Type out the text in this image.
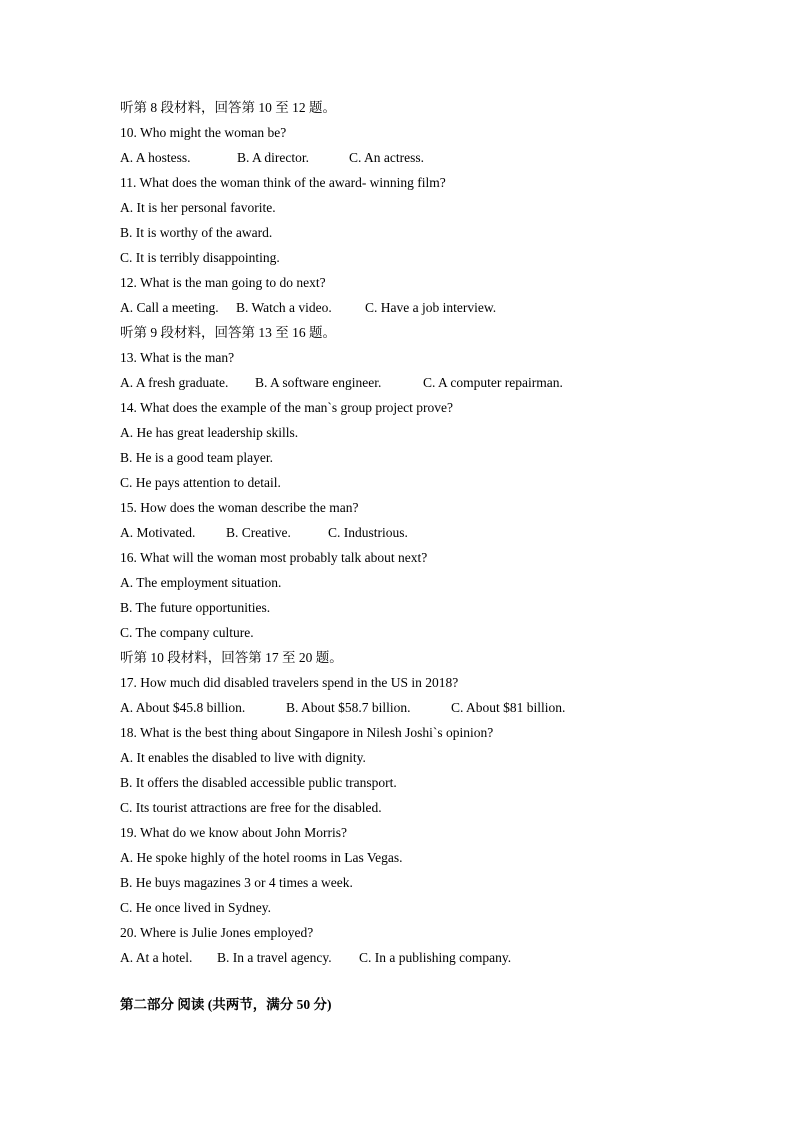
听第 8 段材料，回答第 10 至 12 题。
10. Who might the woman be?
A. A hostess.	B. A director.	C. An actress.
11. What does the woman think of the award- winning film?
A. It is her personal favorite.
B. It is worthy of the award.
C. It is terribly disappointing.
12. What is the man going to do next?
A. Call a meeting.	B. Watch a video.	C. Have a job interview.
听第 9 段材料，回答第 13 至 16 题。
13. What is the man?
A. A fresh graduate.	B. A software engineer.	C. A computer repairman.
14. What does the example of the man`s group project prove?
A. He has great leadership skills.
B. He is a good team player.
C. He pays attention to detail.
15. How does the woman describe the man?
A. Motivated.	B. Creative.	C. Industrious.
16. What will the woman most probably talk about next?
A. The employment situation.
B. The future opportunities.
C. The company culture.
听第 10 段材料，回答第 17 至 20 题。
17. How much did disabled travelers spend in the US in 2018?
A. About $45.8 billion.	B. About $58.7 billion.	C. About $81 billion.
18. What is the best thing about Singapore in Nilesh Joshi`s opinion?
A. It enables the disabled to live with dignity.
B. It offers the disabled accessible public transport.
C. Its tourist attractions are free for the disabled.
19. What do we know about John Morris?
A. He spoke highly of the hotel rooms in Las Vegas.
B. He buys magazines 3 or 4 times a week.
C. He once lived in Sydney.
20. Where is Julie Jones employed?
A. At a hotel.	B. In a travel agency.	C. In a publishing company.
第二部分 阅读 (共两节，满分 50 分)
